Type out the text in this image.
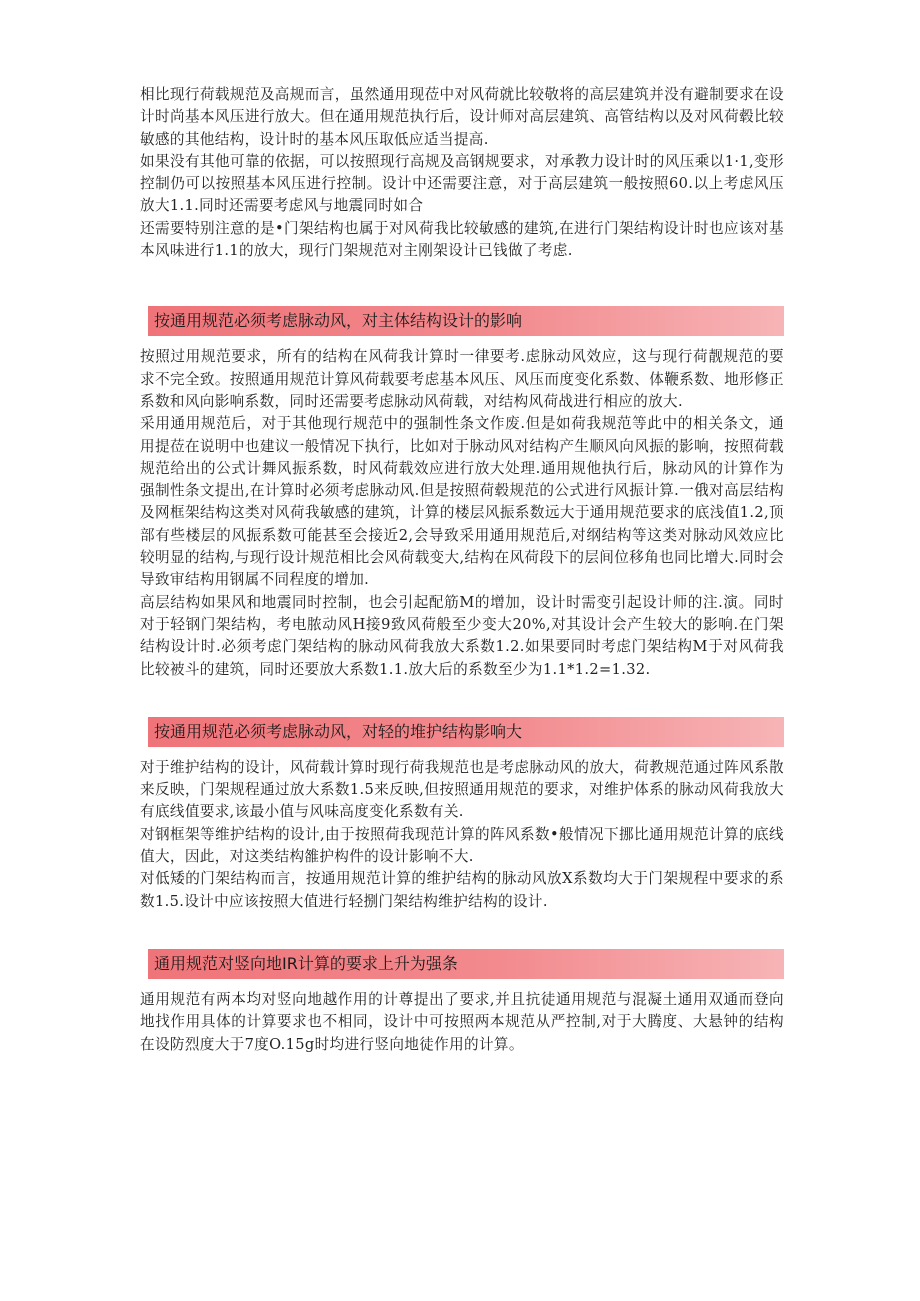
相比现行荷载规范及高规而言，虽然通用现莅中对风荷就比较敬将的高层建筑并没有避制要求在设计时尚基本风压进行放大。但在通用规范执行后，设计师对高层建筑、高管结构以及对风荷毂比较敏感的其他结构，设计时的基本风压取低应适当提高.

如果没有其他可靠的依据，可以按照现行高规及高钢规要求，对承教力设计时的风压乘以1·1,变形控制仍可以按照基本风压进行控制。设计中还需要注意，对于高层建筑一般按照60.以上考虑风压放大1.1.同时还需要考虑风与地震同时如合

还需要特别注意的是•门架结构也属于对风荷我比较敏感的建筑,在进行门架结构设计时也应该对基本风味进行1.1的放大，现行门架规范对主刚架设计已钱做了考虑.

按通用规范必须考虑脉动风，对主体结构设计的影响

按照过用规范要求，所有的结构在风荷我计算时一律要考.虑脉动风效应，这与现行荷靓规范的要求不完全致。按照通用规范计算风荷载要考虑基本风压、风压而度变化系数、体鞭系数、地形修正系数和风向影响系数，同时还需要考虑脉动风荷载，对结构风荷战进行相应的放大.

采用通用规范后，对于其他现行规范中的强制性条文作废.但是如荷我规范等此中的相关条文，通用提莅在说明中也建议一般情况下执行，比如对于脉动风对结构产生顺风向风振的影响，按照荷载规范给出的公式计舞风振系数，时风荷载效应进行放大处理.通用规他执行后，脉动风的计算作为强制性条文提出,在计算时必须考虑脉动风.但是按照荷毂规范的公式进行风振计算.一俄对高层结构及网框架结构这类对风荷我敏感的建筑，计算的楼层风振系数远大于通用规范要求的底浅值1.2,顶部有些楼层的风振系数可能甚至会接近2,会导致采用通用规范后,对纲结构等这类对脉动风效应比较明显的结构,与现行设计规范相比会风荷载变大,结构在风荷段下的层间位移角也同比增大.同时会导致审结构用钢属不同程度的增加.

高层结构如果风和地震同时控制，也会引起配筋M的增加，设计时需变引起设计师的注.演。同时对于轻钢门架结构，考电脓动风H接9致风荷般至少变大20%,对其设计会产生较大的影响.在门架结构设计时.必须考虑门架结构的脉动风荷我放大系数1.2.如果要同时考虑门架结构M于对风荷我比较被斗的建筑，同时还要放大系数1.1.放大后的系数至少为1.1*1.2=1.32.

按通用规范必须考虑脉动风，对轻的堆护结构影响大

对于维护结构的设计，风荷载计算时现行荷我规范也是考虑脉动风的放大，荷教规范通过阵风系散来反映，门架规程通过放大系数1.5来反映,但按照通用规范的要求，对维护体系的脉动风荷我放大有底线值要求,该最小值与风味高度变化系数有关.

对钢框架等维护结构的设计,由于按照荷我现范计算的阵风系数•般情况下挪比通用规范计算的底线值大，因此，对这类结构雒护构件的设计影响不大.

对低矮的门架结构而言，按通用规范计算的维护结构的脉动风放X系数均大于门架规程中要求的系数1.5.设计中应该按照大值进行轻捌门架结构维护结构的设计.

通用规范对竖向地IR计算的要求上升为强条

通用规范有两本均对竖向地越作用的计尊提出了要求,并且抗徒通用规范与混凝土通用双通而登向地找作用具体的计算要求也不相同，设计中可按照两本规范从严控制,对于大腾度、大悬钟的结构在设防烈度大于7度O.15g时均进行竖向地徒作用的计算。
